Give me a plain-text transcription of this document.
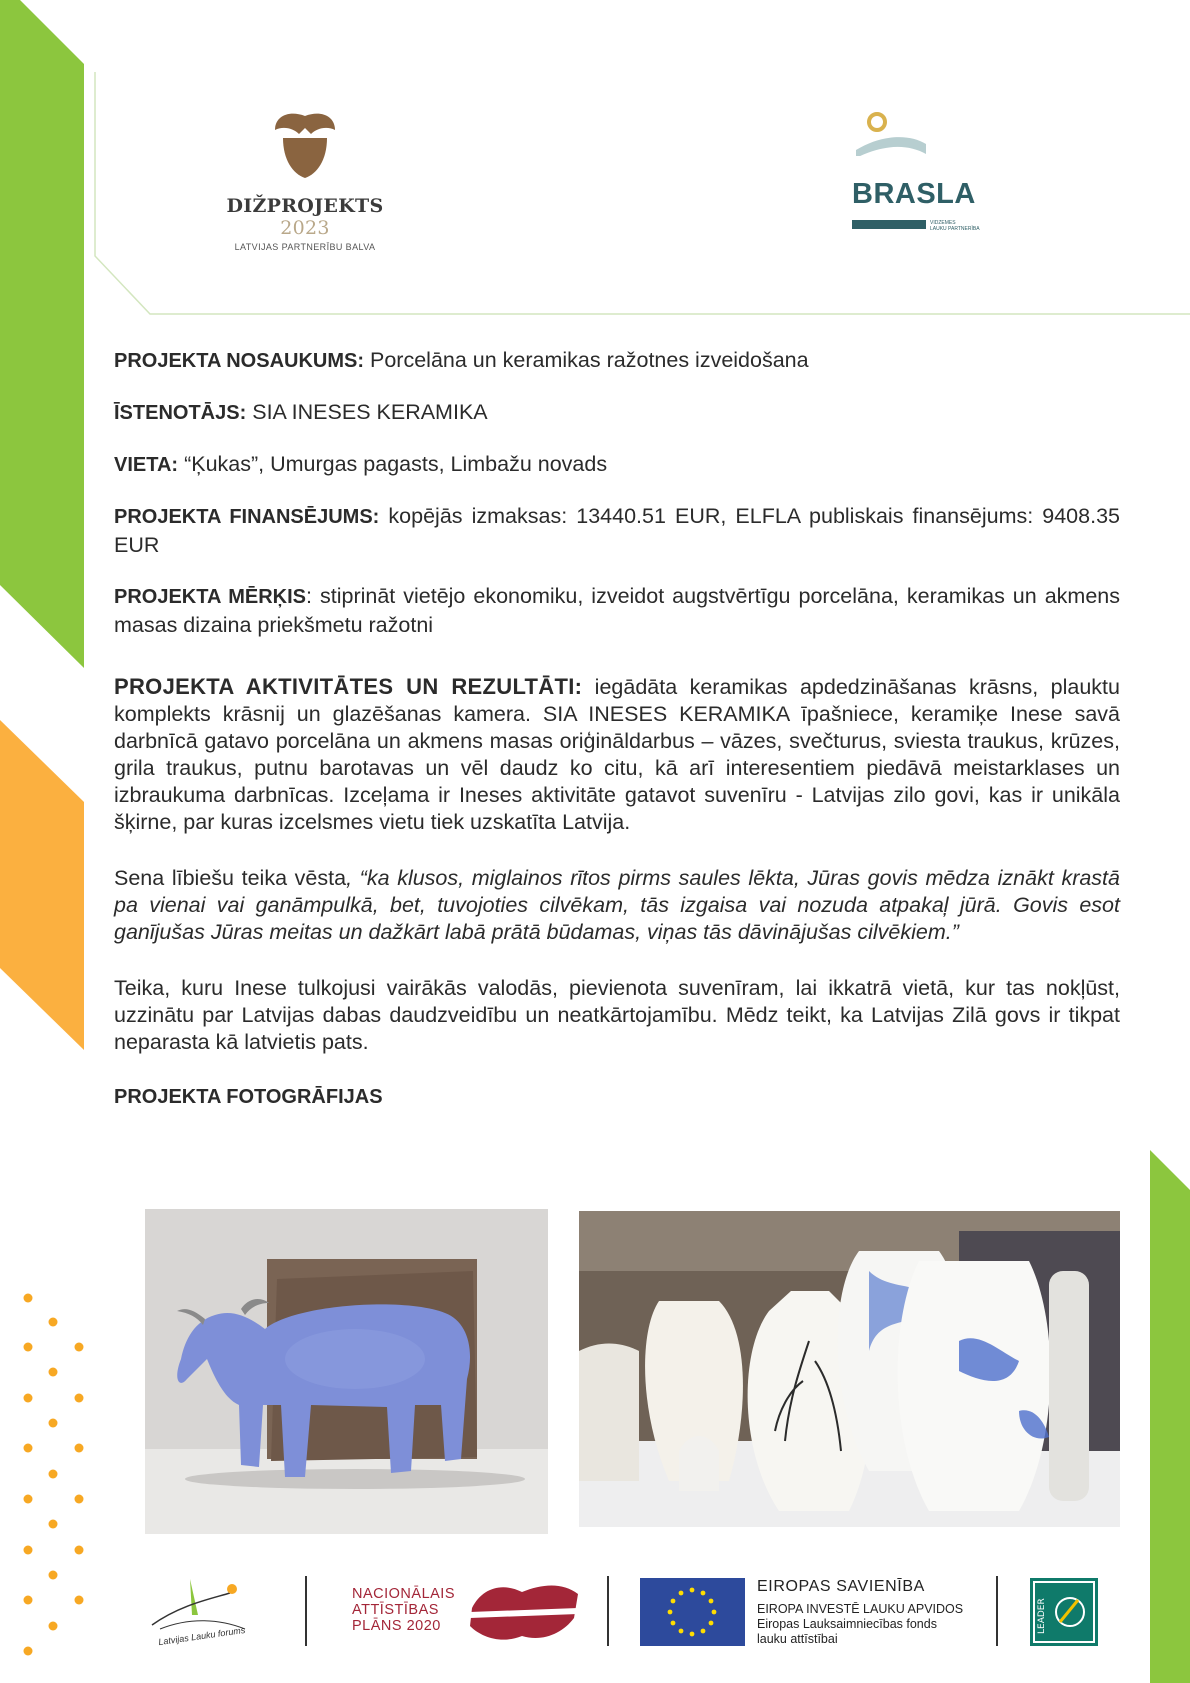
DIŽPROJEKTS 2023
LATVIJAS PARTNERĪBU BALVA
BRASLA
VIDZEMES
LAUKU PARTNERĪBA

PROJEKTA NOSAUKUMS: Porcelāna un keramikas ražotnes izveidošana

ĪSTENOTĀJS: SIA INESES KERAMIKA

VIETA: “Ķukas”, Umurgas pagasts, Limbažu novads

PROJEKTA FINANSĒJUMS: kopējās izmaksas: 13440.51 EUR, ELFLA publiskais finansējums: 9408.35 EUR

PROJEKTA MĒRĶIS: stiprināt vietējo ekonomiku, izveidot augstvērtīgu porcelāna, keramikas un akmens masas dizaina priekšmetu ražotni

PROJEKTA AKTIVITĀTES UN REZULTĀTI: iegādāta keramikas apdedzināšanas krāsns, plauktu komplekts krāsnij un glazēšanas kamera. SIA INESES KERAMIKA īpašniece, keramiķe Inese savā darbnīcā gatavo porcelāna un akmens masas oriģināldarbus – vāzes, svečturus, sviesta traukus, krūzes, grila traukus, putnu barotavas un vēl daudz ko citu, kā arī interesentiem piedāvā meistarklases un izbraukuma darbnīcas. Izceļama ir Ineses aktivitāte gatavot suvenīru - Latvijas zilo govi, kas ir unikāla šķirne, par kuras izcelsmes vietu tiek uzskatīta Latvija.

Sena lībiešu teika vēsta, “ka klusos, miglainos rītos pirms saules lēkta, Jūras govis mēdza iznākt krastā pa vienai vai ganāmpulkā, bet, tuvojoties cilvēkam, tās izgaisa vai nozuda atpakaļ jūrā. Govis esot ganījušas Jūras meitas un dažkārt labā prātā būdamas, viņas tās dāvinājušas cilvēkiem.”

Teika, kuru Inese tulkojusi vairākās valodās, pievienota suvenīram, lai ikkatrā vietā, kur tas nokļūst, uzzinātu par Latvijas dabas daudzveidību un neatkārtojamību. Mēdz teikt, ka Latvijas Zilā govs ir tikpat neparasta kā latvietis pats.

PROJEKTA FOTOGRĀFIJAS

Latvijas Lauku forums
NACIONĀLAIS
ATTĪSTĪBAS
PLĀNS 2020
EIROPAS SAVIENĪBA
EIROPA INVESTĒ LAUKU APVIDOS
Eiropas Lauksaimniecības fonds
lauku attīstībai
LEADER
